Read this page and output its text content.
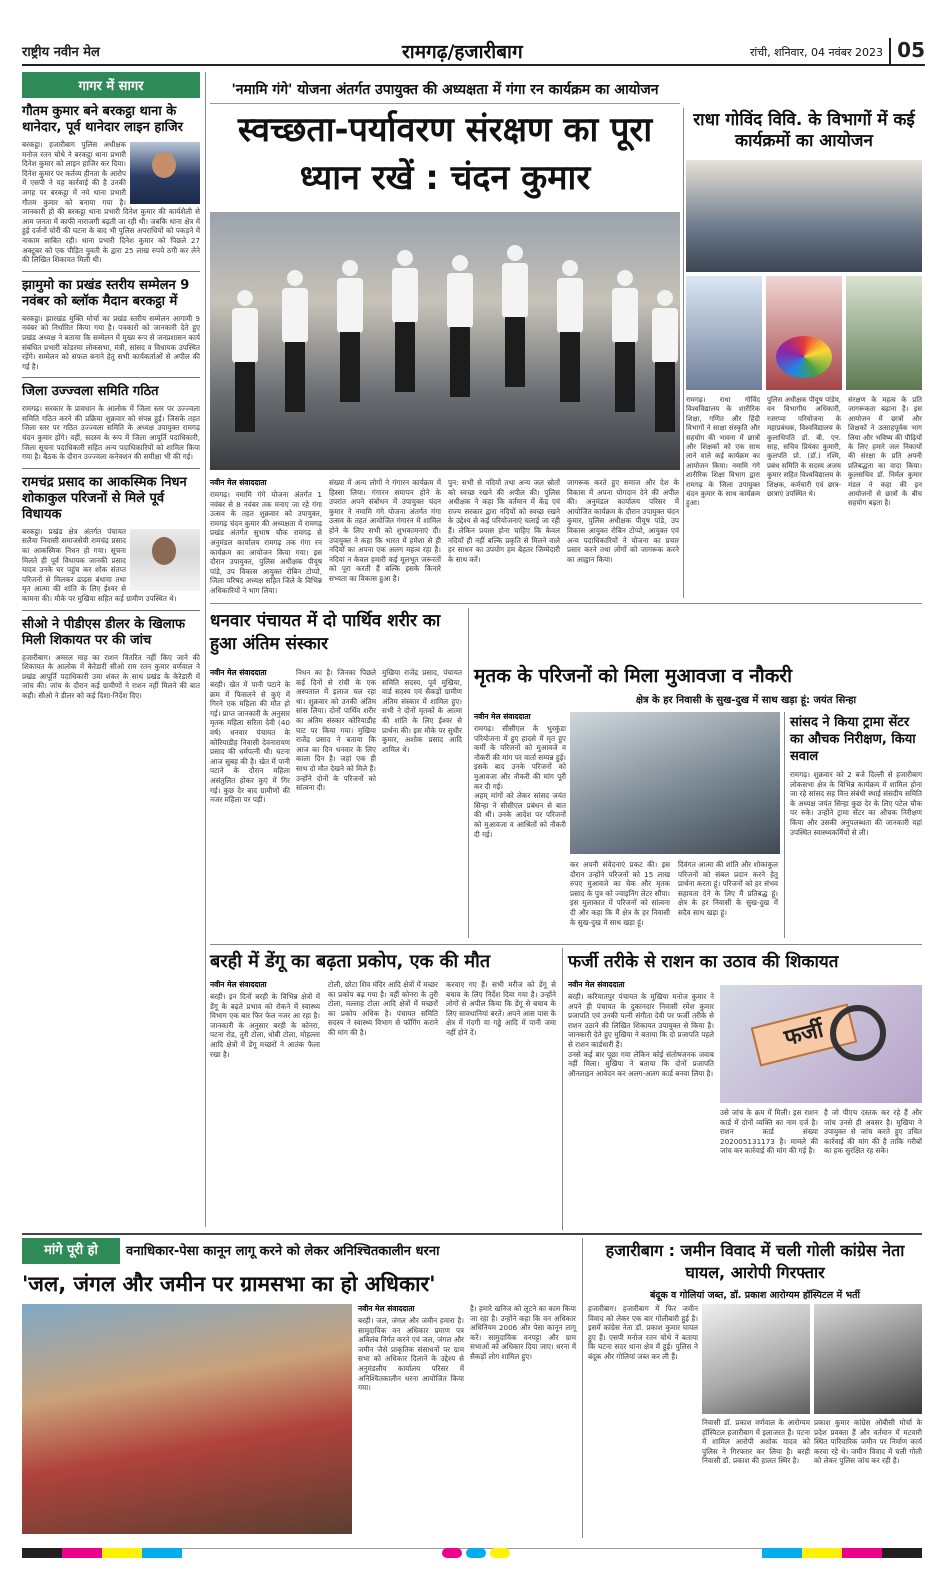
राष्ट्रीय नवीन मेल	रामगढ़/हजारीबाग	रांची, शनिवार, 04 नवंबर 2023 05
गागर में सागर
गौतम कुमार बने बरकट्ठा थाना के थानेदार, पूर्व थानेदार लाइन हाजिर
बरकट्ठा। हजारीबाग पुलिस अधीक्षक मनोज रतन चोथे ने बरकट्ठा थाना प्रभारी दिनेश कुमार को लाइन हाजिर कर दिया। दिनेश कुमार पर कर्तव्य हीनता के आरोप में एसपी ने यह कार्रवाई की है उनकी जगह पर बरकट्ठा में नये थाना प्रभारी गौतम कुमार को बनाया गया है। जानकारी हो की बरकट्ठा थाना प्रभारी दिनेश कुमार की कार्यशैली से आम जनता में काफी नाराजगी बढ़ती जा रही थी। जबकि थाना क्षेत्र में हुई दर्जनों चोरी की घटना के बाद भी पुलिस अपराधियों को पकड़ने में नाकाम साबित रही। थाना प्रभारी दिनेश कुमार को पिछले 27 अक्टूबर को एक पीड़ित युवती के द्वारा 25 लाख रुपये ठगी कर लेने की लिखित शिकायत मिली थी।
झामुमो का प्रखंड स्तरीय सम्मेलन 9 नवंबर को ब्लॉक मैदान बरकट्ठा में
बरकट्ठा। झारखंड मुक्ति मोर्चा का प्रखंड स्तरीय सम्मेलन आगामी 9 नवंबर को निर्धारित किया गया है। पत्रकारों को जानकारी देते हुए प्रखंड अध्यक्ष ने बताया कि सम्मेलन में मुख्य रूप से जनप्रशासन कार्य संबंधित प्रभारी कोडरमा लोकसभा, मंत्री, सांसद व विधायक उपस्थित रहेंगे। सम्मेलन को सफल बनाने हेतु सभी कार्यकर्ताओं से अपील की गई है।
जिला उज्ज्वला समिति गठित
रामगढ़। सरकार के प्रावधान के आलोक में जिला स्तर पर उज्ज्वला समिति गठित करने की प्रक्रिया शुक्रवार को संपन्न हुई। जिसके तहत जिला स्तर पर गठित उज्ज्वला समिति के अध्यक्ष उपायुक्त रामगढ़ चंदन कुमार होंगे। वहीं, सदस्य के रूप में जिला आपूर्ति पदाधिकारी, जिला सूचना पदाधिकारी सहित अन्य पदाधिकारियों को शामिल किया गया है। बैठक के दौरान उज्ज्वला कनेक्शन की समीक्षा भी की गई।
रामचंद्र प्रसाद का आकस्मिक निधन शोकाकुल परिजनों से मिले पूर्व विधायक
बरकट्ठा। प्रखंड क्षेत्र अंतर्गत पंचायत सलैया निवासी समाजसेवी रामचंद्र प्रसाद का आकस्मिक निधन हो गया। सूचना मिलते ही पूर्व विधायक जानकी प्रसाद यादव उनके घर पहुंच कर शोक संतप्त परिजनों से मिलकर ढाढ़स बंधाया तथा मृत आत्मा की शांति के लिए ईश्वर से कामना की। मौके पर मुखिया सहित कई ग्रामीण उपस्थित थे।
सीओ ने पीडीएस डीलर के खिलाफ मिली शिकायत पर की जांच
हजारीबाग। अमरल माह का राशन वितरित नहीं किए जाने की शिकायत के आलोक में केरेडारी सीओ राम रतन कुमार वर्णवाल ने प्रखंड आपूर्ति पदाधिकारी उमा शंकर के साथ प्रखंड के केरेडारी में जांच की। जांच के दौरान कई ग्रामीणों ने राशन नहीं मिलने की बात कही। सीओ ने डीलर को कई दिशा-निर्देश दिए।
'नमामि गंगे' योजना अंतर्गत उपायुक्त की अध्यक्षता में गंगा रन कार्यक्रम का आयोजन
स्वच्छता-पर्यावरण संरक्षण का पूरा ध्यान रखें : चंदन कुमार
नवीन मेल संवाददाता
रामगढ़। नमामि गंगे योजना अंतर्गत 1 नवंबर से 8 नवंबर तक मनाए जा रहे गंगा उत्सव के तहत शुक्रवार को उपायुक्त, रामगढ़ चंदन कुमार की अध्यक्षता में रामगढ़ प्रखंड अंतर्गत सुभाष चौक रामगढ़ से अनुमंडल कार्यालय रामगढ़ तक गंगा रन कार्यक्रम का आयोजन किया गया। इस दौरान उपायुक्त, पुलिस अधीक्षक पीयूष पांडे, उप विकास आयुक्त रोबिन टोप्पो, जिला परिषद अध्यक्ष सहित जिले के विभिन्न अधिकारियों ने भाग लिया।
संख्या में अन्य लोगों ने गंगारन कार्यक्रम में हिस्सा लिया। गंगारन समापन होने के उपरांत अपने संबोधन में उपायुक्त चंदन कुमार ने नमामि गंगे योजना अंतर्गत गंगा उत्सव के तहत आयोजित गंगारन में शामिल होने के लिए सभी को शुभकामनाएं दी। उपायुक्त ने कहा कि भारत में हमेशा से ही नदियों का अपना एक अलग महत्व रहा है। नदियां न केवल हमारी कई मूलभूत जरूरतों को पूरा करती हैं बल्कि इसके किनारे सभ्यता का विकास हुआ है।
पुन: सभी से नदियों तथा अन्य जल स्रोतों को स्वच्छ रखने की अपील की। पुलिस अधीक्षक ने कहा कि वर्तमान में केंद्र एवं राज्य सरकार द्वारा नदियों को स्वच्छ रखने के उद्देश्य से कई परियोजनाएं चलाई जा रही हैं। लेकिन प्रयास होना चाहिए कि केवल नदियों ही नहीं बल्कि प्रकृति से मिलने वाले हर साधन का उपयोग हम बेहतर जिम्मेदारी के साथ करें।
जागरूक करते हुए समाज और देश के विकास में अपना योगदान देने की अपील की। अनुमंडल कार्यालय परिसर में आयोजित कार्यक्रम के दौरान उपायुक्त चंदन कुमार, पुलिस अधीक्षक पीयूष पांडे, उप विकास आयुक्त रोबिन टोप्पो, आयुक्त एवं अन्य पदाधिकारियों ने योजना का प्रचार प्रसार करने तथा लोगों को जागरूक करने का आह्वान किया।
राधा गोविंद विवि. के विभागों में कई कार्यक्रमों का आयोजन
रामगढ़। राधा गोविंद विश्वविद्यालय के शारीरिक शिक्षा, गणित और हिंदी विभागों ने साक्षा संस्कृति और सहयोग की भावना में छात्रों और शिक्षकों को एक साथ लाने वाले कई कार्यक्रम का आयोजन किया। नमामि गंगे शारीरिक शिक्षा विभाग द्वारा रामगढ़ के जिला उपायुक्त चंदन कुमार के साथ कार्यक्रम हुआ।
पुलिस अधीक्षक पीयूष पांडेय, वन विभागीय अधिकारी, रजरप्पा परियोजना के महाप्रबंधक, विश्वविद्यालय के कुलाधिपति डॉ. बी. एन. साह, सचिव प्रियंका कुमारी, कुलपति प्रो. (डॉ.) रश्मि, प्रबंध समिति के सदस्य अजय कुमार सहित विश्वविद्यालय के शिक्षक, कर्मचारी एवं छात्र-छात्राएं उपस्थित थे।
संरक्षण के महत्व के प्रति जागरूकता बढ़ाना है। इस आयोजन में छात्रों और शिक्षकों ने उत्साहपूर्वक भाग लिया और भविष्य की पीढ़ियों के लिए हमारे जल निकायों की संरक्षा के प्रति अपनी प्रतिबद्धता का वादा किया। कुलसचिव डॉ. निर्मल कुमार मंडल ने कहा की इन आयोजनों से छात्रों के बीच सहयोग बढ़ता है।
धनवार पंचायत में दो पार्थिव शरीर का हुआ अंतिम संस्कार
नवीन मेल संवाददाता
बरही। खेत में पानी पटाने के क्रम में फिसलने से कुएं में गिरने एक महिला की मौत हो गई। प्राप्त जानकारी के अनुसार मृतक महिला सरिता देवी (40 वर्ष) धनवार पंचायत के कोरियाडीह निवासी देवनारायण प्रसाद की धर्मपत्नी थी। घटना आज सुबह की है। खेत में पानी पटाने के दौरान महिला असंतुलित होकर कुएं में गिर गई। कुछ देर बाद ग्रामीणों की नजर महिला पर पड़ी।
निधन का है। जिनका पिछले कई दिनों से रांची के एक अस्पताल में इलाज चल रहा था। शुक्रवार को उनकी अंतिम सांस लिया। दोनों पार्थिव शरीर का अंतिम संस्कार कोरियाडीह घाट पर किया गया। मुखिया राजेंद्र प्रसाद ने बताया कि आज का दिन धनवार के लिए काला दिन है। जहां एक ही साथ दो मौत देखने को मिले हैं। उन्होंने दोनों के परिजनों को सांत्वना दी।
मुखिया राजेंद्र प्रसाद, पंचायत समिति सदस्य, पूर्व मुखिया, वार्ड सदस्य एवं सैकड़ों ग्रामीण अंतिम संस्कार में शामिल हुए। सभी ने दोनों मृतकों के आत्मा की शांति के लिए ईश्वर से प्रार्थना की। इस मौके पर सुधीर कुमार, अशोक प्रसाद आदि शामिल थे।
मृतक के परिजनों को मिला मुआवजा व नौकरी
क्षेत्र के हर निवासी के सुख-दुख में साथ खड़ा हूं: जयंत सिन्हा
नवीन मेल संवाददाता
रामगढ़। सीसीएल के भुरकुंडा परियोजना में हुए हादसे में मृत हुए कर्मी के परिजनों को मुआवजे व नौकरी की मांग पर वार्ता सम्पन्न हुई। इसके बाद उनके परिजनों को मुआवजा और नौकरी की मांग पूरी कर दी गई।
अहम् मांगों को लेकर सांसद जयंत सिन्हा ने सीसीएल प्रबंधन से बात की थी। उनके आदेश पर परिजनों को मुआवजा व आश्रितों को नौकरी दी गई।
कर अपनी संवेदनाएं प्रकट की। इस दौरान उन्होंने परिजनों को 15 लाख रुपए मुआवजे का चेक और मृतक प्रसाद के पुत्र को ज्वाइनिंग लेटर सौंपा। इस मुलाकात में परिजनों को सांत्वना दी और कहा कि मैं क्षेत्र के हर निवासी के सुख-दुख में साथ खड़ा हूं।
दिवंगत आत्मा की शांति और शोकाकुल परिजनों को संबल प्रदान करने हेतु प्रार्थना करता हूं। परिजनों को हर संभव सहायता देने के लिए मैं प्रतिबद्ध हूं। क्षेत्र के हर निवासी के सुख-दुख में सदैव साथ खड़ा हूं।
सांसद ने किया ट्रामा सेंटर का औचक निरीक्षण, किया सवाल
रामगढ़। शुक्रवार को 2 बजे दिल्ली से हजारीबाग लोकसभा क्षेत्र के विभिन्न कार्यक्रम में शामिल होना जा रहे सांसद सह वित्त संबंधी स्थाई संसदीय समिति के अध्यक्ष जयंत सिन्हा कुछ देर के लिए पटेल चौक पर रुके। उन्होंने ट्रामा सेंटर का औचक निरीक्षण किया और उसकी अनुपलब्धता की जानकारी वहां उपस्थित स्वास्थ्यकर्मियों से ली।
बरही में डेंगू का बढ़ता प्रकोप, एक की मौत
नवीन मेल संवाददाता
बरही। इन दिनों बरही के विभिन्न क्षेत्रों में डेंगू के बढ़ते प्रभाव को रोकने में स्वास्थ्य विभाग एक बार फिर फेल नजर आ रहा है। जानकारी के अनुसार बरही के कोनरा, पटना रोड, तुरी टोला, धोबी टोला, मोहल्ला आदि क्षेत्रों में डेंगू मच्छरों ने आतंक फैला रखा है।
टोली, छोटा शिव मंदिर आदि क्षेत्रों में मच्छर का प्रकोप बढ़ गया है। वहीं कोनरा के तुरी टोला, मल्लाह टोला आदि क्षेत्रों में मच्छरों का प्रकोप अधिक है। पंचायत समिति सदस्य ने स्वास्थ्य विभाग से फॉगिंग कराने की मांग की है।
करवाए गए हैं। सभी मरीज को डेंगू से बचाव के लिए निर्देश दिया गया है। उन्होंने लोगों से अपील किया कि डेंगू से बचाव के लिए सावधानियां बरतें। अपने आस पास के क्षेत्र में गंदगी या गड्ढे आदि में पानी जमा नहीं होने दें।
फर्जी तरीके से राशन का उठाव की शिकायत
नवीन मेल संवाददाता
बरही। करियातपुर पंचायत के मुखिया मनोज कुमार ने अपने ही पंचायत के दुकानदार निवासी रमेश कुमार प्रजापति एवं उनकी पत्नी संगीता देवी पर फर्जी तरीके से राशन उठाने की लिखित शिकायत उपायुक्त से किया है। जानकारी देते हुए मुखिया ने बताया कि दो प्रजापति पहले से राशन कार्डधारी हैं।
उनसे कई बार पूछा गया लेकिन कोई संतोषजनक जवाब नहीं मिला। मुखिया ने बताया कि दोनों प्रजापति ऑनलाइन आवेदन कर अलग-अलग कार्ड बनवा लिया है।
फर्जी
उसे जांच के क्रम में मिली। इस राशन कार्ड में दोनों व्यक्ति का नाम दर्ज है। राशन कार्ड संख्या 202005131173 है। मामले की जांच कर कार्रवाई की मांग की गई है।
है जो पीएच दस्तक कर रहे हैं और जांच उनसे ही अवसर है। मुखिया ने उपायुक्त से जांच करते हुए उचित कार्रवाई की मांग की है ताकि गरीबों का हक सुरक्षित रह सके।
मांगे पूरी हो	वनाधिकार-पेसा कानून लागू करने को लेकर अनिश्चितकालीन धरना
'जल, जंगल और जमीन पर ग्रामसभा का हो अधिकार'
नवीन मेल संवाददाता
बरही। जल, जंगल और जमीन हमारा है। सामुदायिक वन अधिकार प्रमाण पत्र अविलंब निर्गत करने एवं जल, जंगल और जमीन जैसे प्राकृतिक संसाधनों पर ग्राम सभा को अधिकार दिलाने के उद्देश्य से अनुमंडलीय कार्यालय परिसर में अनिश्चितकालीन धरना आयोजित किया गया।
है। हमारे खनिज को लूटने का काम किया जा रहा है। उन्होंने कहा कि वन अधिकार अधिनियम 2006 और पेसा कानून लागू करें। सामुदायिक वनपट्टा और ग्राम सभाओं को अधिकार दिया जाए। धरना में सैकड़ों लोग शामिल हुए।
हजारीबाग : जमीन विवाद में चली गोली कांग्रेस नेता घायल, आरोपी गिरफ्तार
बंदूक व गोलियां जब्त, डॉ. प्रकाश आरोग्यम हॉस्पिटल में भर्ती
हजारीबाग। हजारीबाग में फिर जमीन विवाद को लेकर एक बार गोलीबारी हुई है। इसमें कांग्रेस नेता डॉ. प्रकाश कुमार घायल हुए हैं। एसपी मनोज रतन चोथे ने बताया कि घटना सदर थाना क्षेत्र में हुई। पुलिस ने बंदूक और गोलियां जब्त कर ली हैं।
निवासी डॉ. प्रकाश वर्णवाल के आरोग्यम हॉस्पिटल हजारीबाग में इलाजरत हैं। पटना में शामिल आरोपी अशोक यादव को पुलिस ने गिरफ्तार कर लिया है। बरही निवासी डॉ. प्रकाश की हालत स्थिर है।
प्रकाश कुमार कांग्रेस ओबीसी मोर्चा के प्रदेश प्रवक्ता हैं और वर्तमान में मटवारी स्थित पारिवारिक जमीन पर निर्माण कार्य करवा रहे थे। जमीन विवाद में चली गोली को लेकर पुलिस जांच कर रही है।
